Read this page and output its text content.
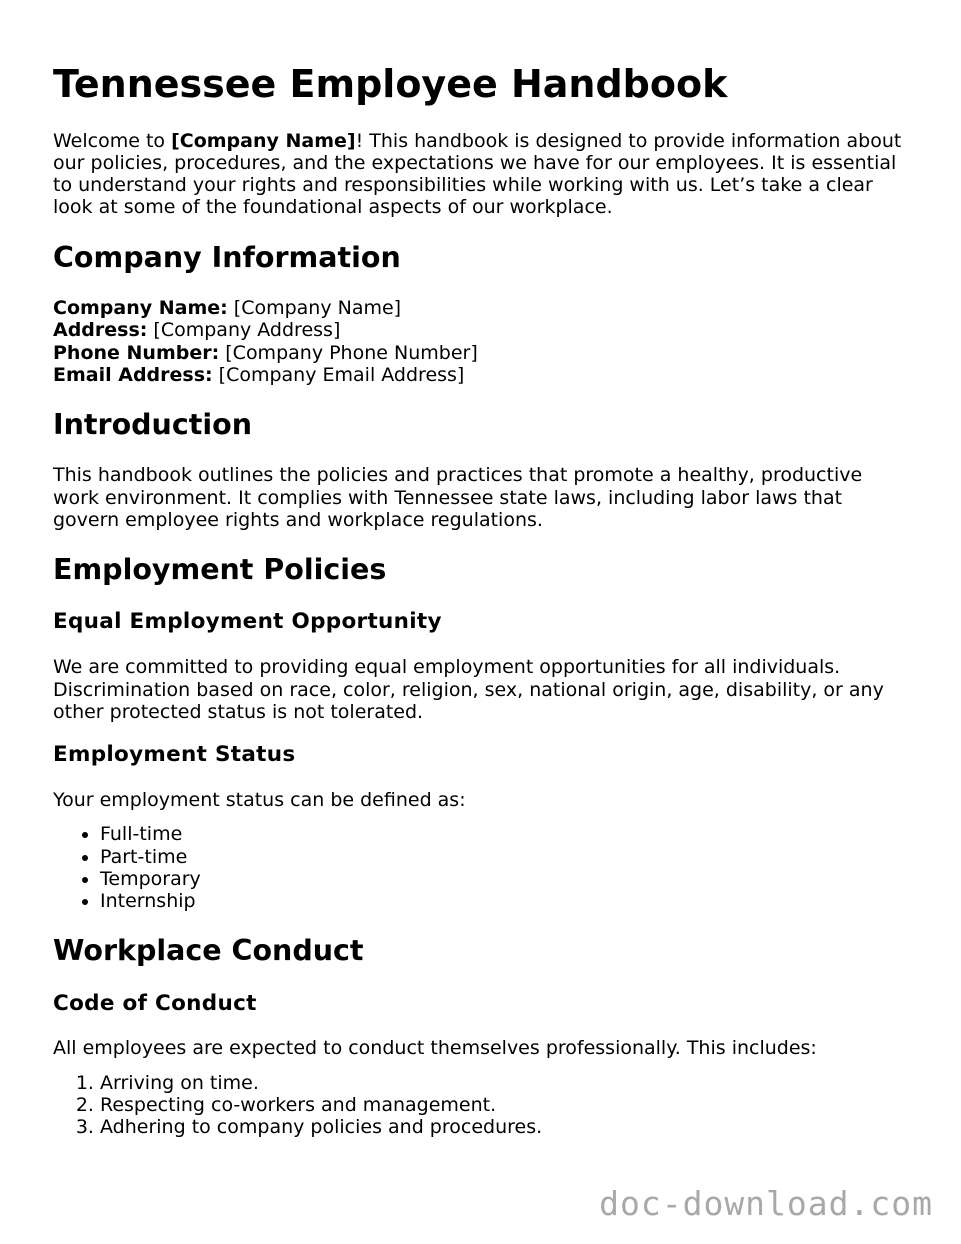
Tennessee Employee Handbook

Welcome to [Company Name]! This handbook is designed to provide information about our policies, procedures, and the expectations we have for our employees. It is essential to understand your rights and responsibilities while working with us. Let’s take a clear look at some of the foundational aspects of our workplace.

Company Information

Company Name: [Company Name]

Address: [Company Address]

Phone Number: [Company Phone Number]

Email Address: [Company Email Address]

Introduction

This handbook outlines the policies and practices that promote a healthy, productive work environment. It complies with Tennessee state laws, including labor laws that govern employee rights and workplace regulations.

Employment Policies
Equal Employment Opportunity

We are committed to providing equal employment opportunities for all individuals. Discrimination based on race, color, religion, sex, national origin, age, disability, or any other protected status is not tolerated.

Employment Status

Your employment status can be defined as:

• Full-time
• Part-time
• Temporary
• Internship
Workplace Conduct
Code of Conduct

All employees are expected to conduct themselves professionally. This includes:

1. Arriving on time.
2. Respecting co-workers and management.
3. Adhering to company policies and procedures.
doc-download.com
